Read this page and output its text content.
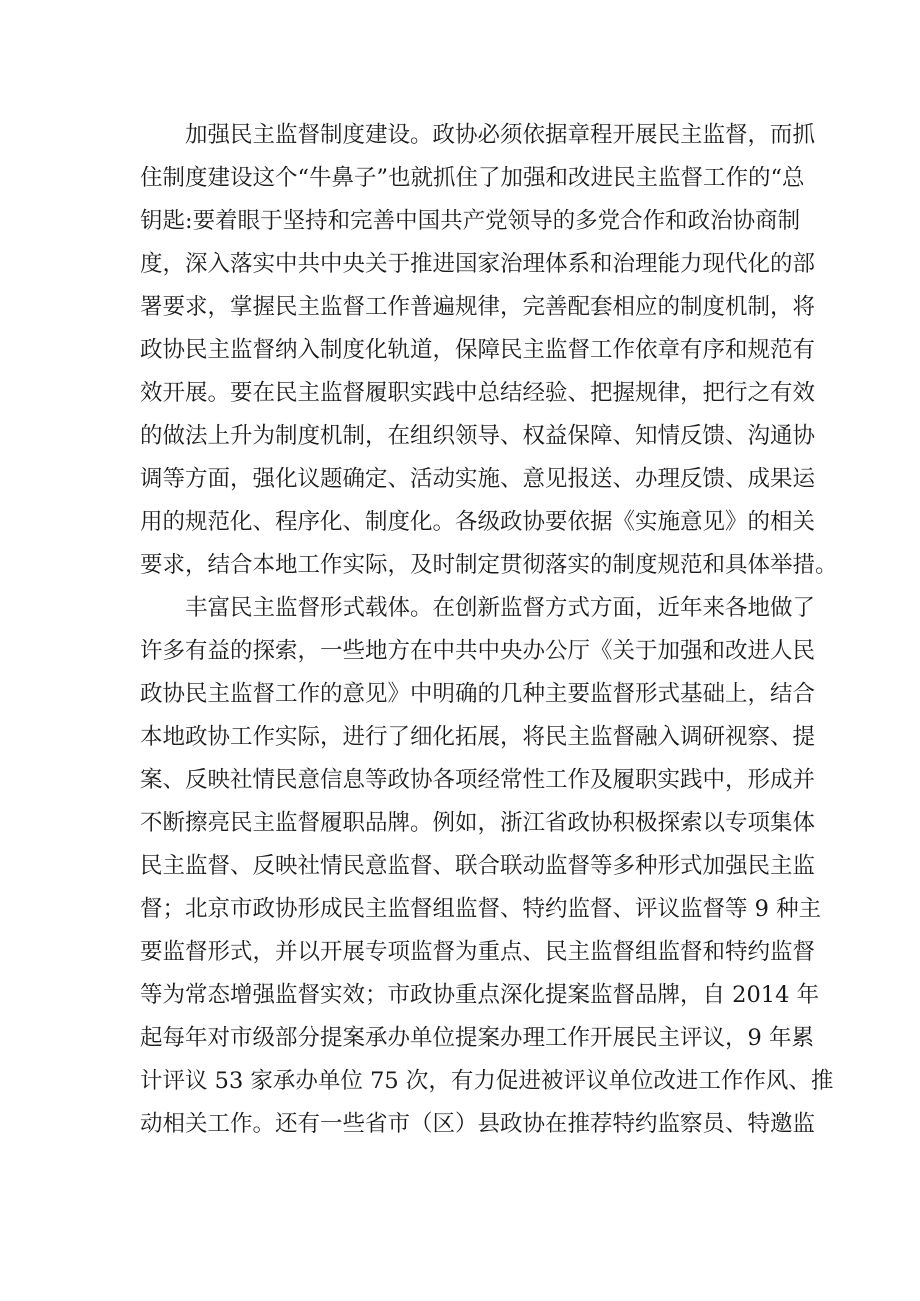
加强民主监督制度建设。政协必须依据章程开展民主监督，而抓
住制度建设这个“牛鼻子”也就抓住了加强和改进民主监督工作的“总
钥匙:要着眼于坚持和完善中国共产党领导的多党合作和政治协商制
度，深入落实中共中央关于推进国家治理体系和治理能力现代化的部
署要求，掌握民主监督工作普遍规律，完善配套相应的制度机制，将
政协民主监督纳入制度化轨道，保障民主监督工作依章有序和规范有
效开展。要在民主监督履职实践中总结经验、把握规律，把行之有效
的做法上升为制度机制，在组织领导、权益保障、知情反馈、沟通协
调等方面，强化议题确定、活动实施、意见报送、办理反馈、成果运
用的规范化、程序化、制度化。各级政协要依据《实施意见》的相关
要求，结合本地工作实际，及时制定贯彻落实的制度规范和具体举措。
丰富民主监督形式载体。在创新监督方式方面，近年来各地做了
许多有益的探索，一些地方在中共中央办公厅《关于加强和改进人民
政协民主监督工作的意见》中明确的几种主要监督形式基础上，结合
本地政协工作实际，进行了细化拓展，将民主监督融入调研视察、提
案、反映社情民意信息等政协各项经常性工作及履职实践中，形成并
不断擦亮民主监督履职品牌。例如，浙江省政协积极探索以专项集体
民主监督、反映社情民意监督、联合联动监督等多种形式加强民主监
督；北京市政协形成民主监督组监督、特约监督、评议监督等 9 种主
要监督形式，并以开展专项监督为重点、民主监督组监督和特约监督
等为常态增强监督实效；市政协重点深化提案监督品牌，自 2014 年
起每年对市级部分提案承办单位提案办理工作开展民主评议，9 年累
计评议 53 家承办单位 75 次，有力促进被评议单位改进工作作风、推
动相关工作。还有一些省市（区）县政协在推荐特约监察员、特邀监
